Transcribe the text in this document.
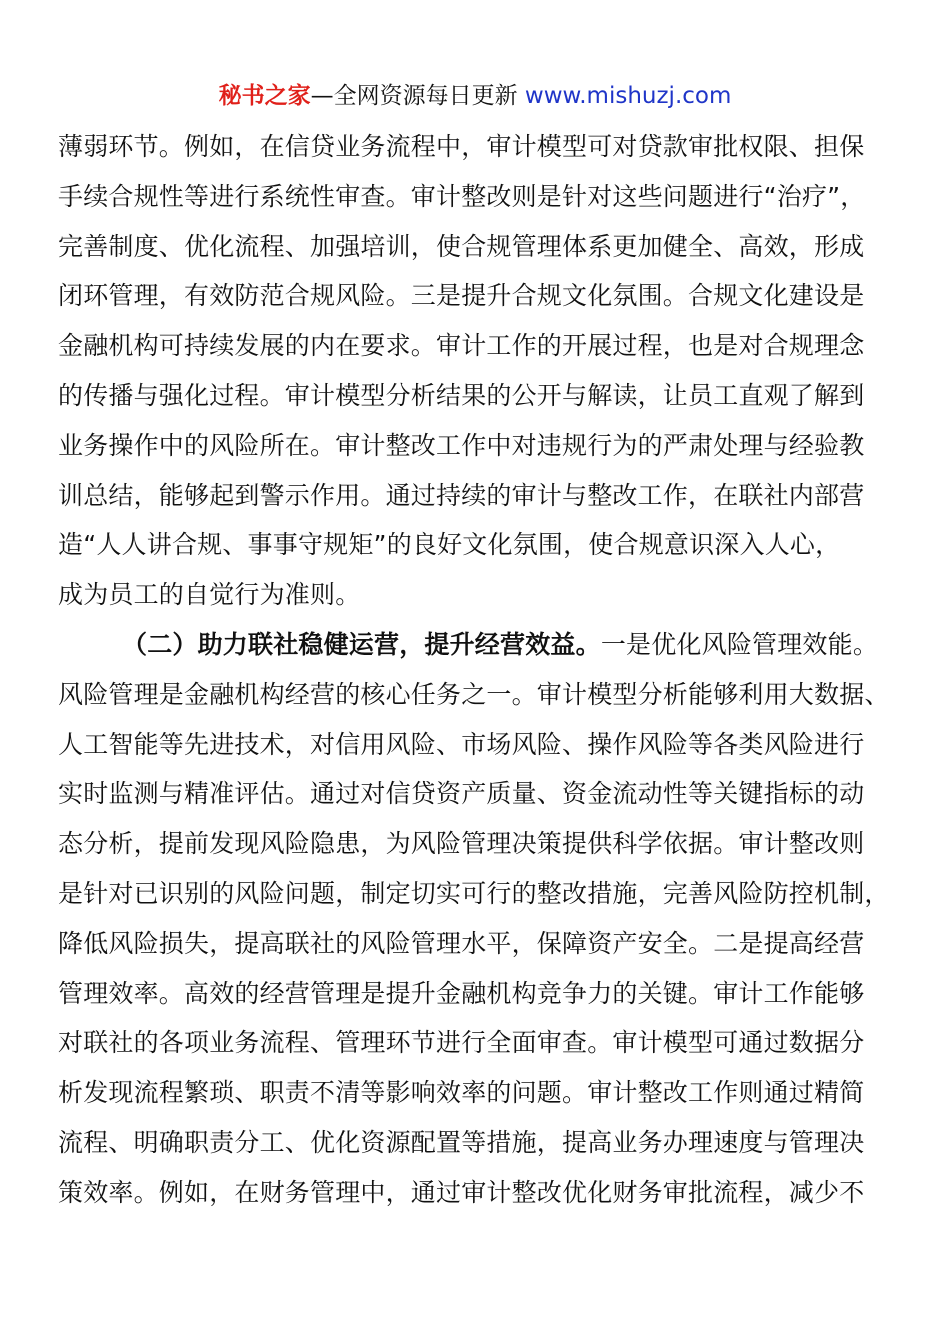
秘书之家—全网资源每日更新 www.mishuzj.com
薄弱环节。例如，在信贷业务流程中，审计模型可对贷款审批权限、担保
手续合规性等进行系统性审查。审计整改则是针对这些问题进行“治疗”，
完善制度、优化流程、加强培训，使合规管理体系更加健全、高效，形成
闭环管理，有效防范合规风险。三是提升合规文化氛围。合规文化建设是
金融机构可持续发展的内在要求。审计工作的开展过程，也是对合规理念
的传播与强化过程。审计模型分析结果的公开与解读，让员工直观了解到
业务操作中的风险所在。审计整改工作中对违规行为的严肃处理与经验教
训总结，能够起到警示作用。通过持续的审计与整改工作，在联社内部营
造“人人讲合规、事事守规矩”的良好文化氛围，使合规意识深入人心，
成为员工的自觉行为准则。
（二）助力联社稳健运营，提升经营效益。一是优化风险管理效能。
风险管理是金融机构经营的核心任务之一。审计模型分析能够利用大数据、
人工智能等先进技术，对信用风险、市场风险、操作风险等各类风险进行
实时监测与精准评估。通过对信贷资产质量、资金流动性等关键指标的动
态分析，提前发现风险隐患，为风险管理决策提供科学依据。审计整改则
是针对已识别的风险问题，制定切实可行的整改措施，完善风险防控机制，
降低风险损失，提高联社的风险管理水平，保障资产安全。二是提高经营
管理效率。高效的经营管理是提升金融机构竞争力的关键。审计工作能够
对联社的各项业务流程、管理环节进行全面审查。审计模型可通过数据分
析发现流程繁琐、职责不清等影响效率的问题。审计整改工作则通过精简
流程、明确职责分工、优化资源配置等措施，提高业务办理速度与管理决
策效率。例如，在财务管理中，通过审计整改优化财务审批流程，减少不
